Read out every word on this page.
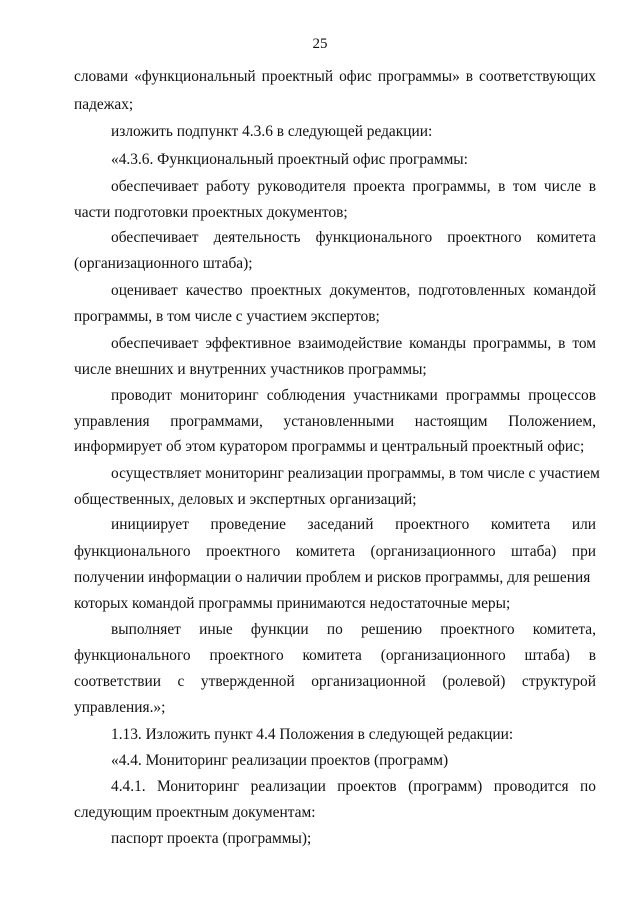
25
словами «функциональный проектный офис программы» в соответствующих
падежах;
изложить подпункт 4.3.6 в следующей редакции:
«4.3.6. Функциональный проектный офис программы:
обеспечивает работу руководителя проекта программы, в том числе в
части подготовки проектных документов;
обеспечивает деятельность функционального проектного комитета
(организационного штаба);
оценивает качество проектных документов, подготовленных командой
программы, в том числе с участием экспертов;
обеспечивает эффективное взаимодействие команды программы, в том
числе внешних и внутренних участников программы;
проводит мониторинг соблюдения участниками программы процессов
управления программами, установленными настоящим Положением,
информирует об этом куратором программы и центральный проектный офис;
осуществляет мониторинг реализации программы, в том числе с участием
общественных, деловых и экспертных организаций;
инициирует проведение заседаний проектного комитета или
функционального проектного комитета (организационного штаба) при
получении информации о наличии проблем и рисков программы, для решения
которых командой программы принимаются недостаточные меры;
выполняет иные функции по решению проектного комитета,
функционального проектного комитета (организационного штаба) в
соответствии с утвержденной организационной (ролевой) структурой
управления.»;
1.13. Изложить пункт 4.4 Положения в следующей редакции:
«4.4. Мониторинг реализации проектов (программ)
4.4.1. Мониторинг реализации проектов (программ) проводится по
следующим проектным документам:
паспорт проекта (программы);
